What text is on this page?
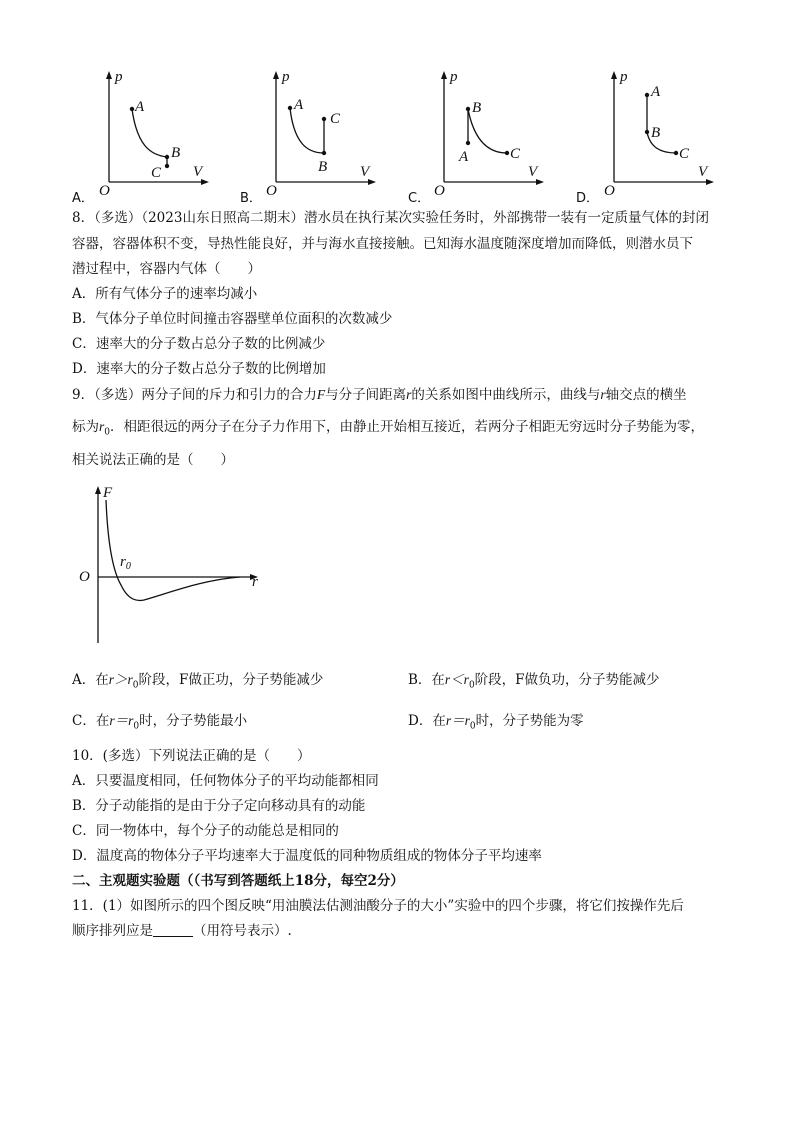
p
A
B
C V
O
A．
p
A
C
B V
O
B．
p
B
A	C
V
O
C．
p
A
B
C
V
O
D．
8．（多选）（2023山东日照高二期末）潜水员在执行某次实验任务时，外部携带一装有一定质量气体的封闭
容器，容器体积不变，导热性能良好，并与海水直接接触。已知海水温度随深度增加而降低，则潜水员下
潜过程中，容器内气体（　　）
A．所有气体分子的速率均减小
B．气体分子单位时间撞击容器壁单位面积的次数减少
C．速率大的分子数占总分子数的比例减少
D．速率大的分子数占总分子数的比例增加
9．（多选）两分子间的斥力和引力的合力F与分子间距离r的关系如图中曲线所示，曲线与r轴交点的横坐
标为$r_0$．相距很远的两分子在分子力作用下，由静止开始相互接近，若两分子相距无穷远时分子势能为零，
相关说法正确的是（　　）
F
O	r
$r_0$
A．在$r>r_0$阶段，F做正功，分子势能减少	B．在$r<r_0$阶段，F做负功，分子势能减少
C．在$r=r_0$时，分子势能最小	D．在$r=r_0$时，分子势能为零
10．(多选）下列说法正确的是（　　）
A．只要温度相同，任何物体分子的平均动能都相同
B．分子动能指的是由于分子定向移动具有的动能
C．同一物体中，每个分子的动能总是相同的
D．温度高的物体分子平均速率大于温度低的同种物质组成的物体分子平均速率
二、主观题实验题（（书写到答题纸上18分，每空2分）
11．(1）如图所示的四个图反映“用油膜法估测油酸分子的大小”实验中的四个步骤，将它们按操作先后
顺序排列应是	（用符号表示）.
